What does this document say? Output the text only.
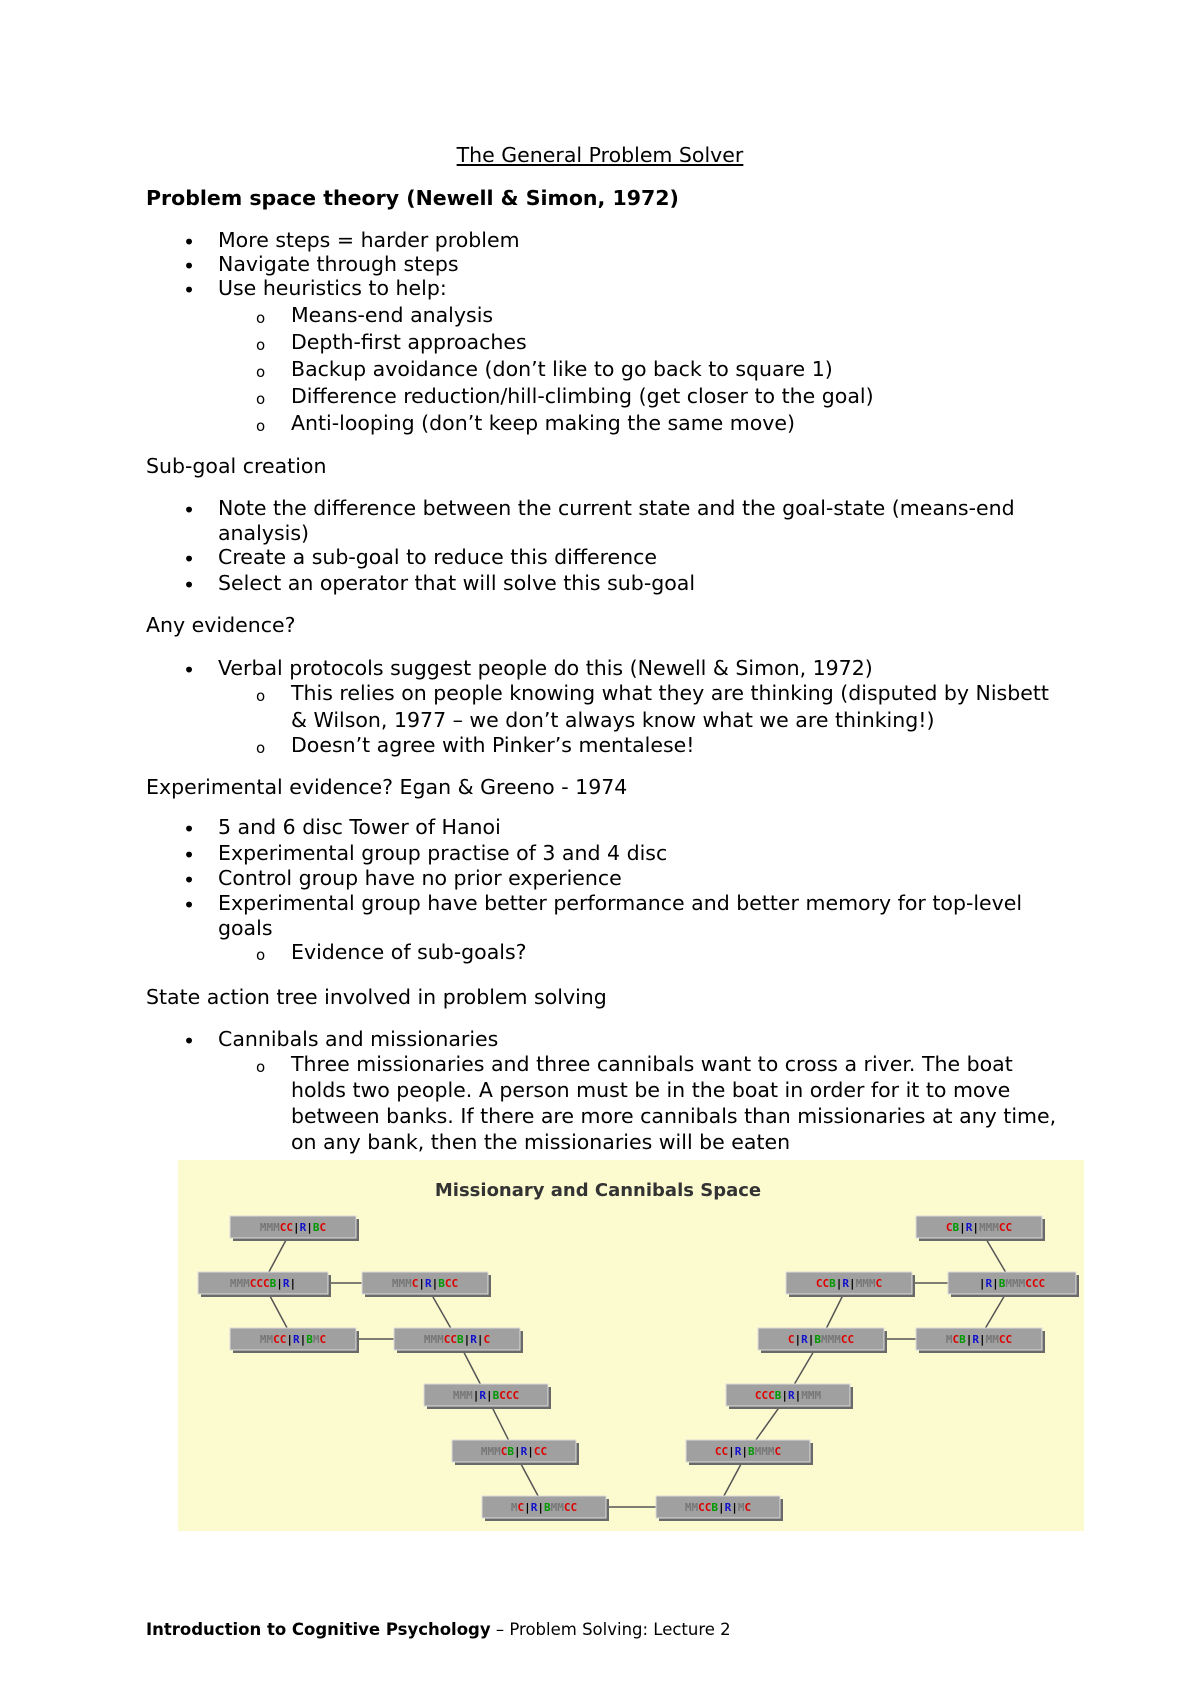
The General Problem Solver
Problem space theory (Newell & Simon, 1972)
• More steps = harder problem
• Navigate through steps
• Use heuristics to help:
o Means-end analysis
o Depth-first approaches
o Backup avoidance (don’t like to go back to square 1)
o Difference reduction/hill-climbing (get closer to the goal)
o Anti-looping (don’t keep making the same move)
Sub-goal creation
• Note the difference between the current state and the goal-state (means-end
analysis)
• Create a sub-goal to reduce this difference
• Select an operator that will solve this sub-goal
Any evidence?
• Verbal protocols suggest people do this (Newell & Simon, 1972)
o This relies on people knowing what they are thinking (disputed by Nisbett
& Wilson, 1977 – we don’t always know what we are thinking!)
o Doesn’t agree with Pinker’s mentalese!
Experimental evidence? Egan & Greeno - 1974
• 5 and 6 disc Tower of Hanoi
• Experimental group practise of 3 and 4 disc
• Control group have no prior experience
• Experimental group have better performance and better memory for top-level
goals
o Evidence of sub-goals?
State action tree involved in problem solving
• Cannibals and missionaries
o Three missionaries and three cannibals want to cross a river. The boat
holds two people. A person must be in the boat in order for it to move
between banks. If there are more cannibals than missionaries at any time,
on any bank, then the missionaries will be eaten
Missionary and Cannibals Space
MMMCC|R|BC
MMMCCCB|R|	MMMC|R|BCC
MMCC|R|BMC	MMMCCB|R|C
MMM|R|BCCC
MMMCB|R|CC
MC|R|BMMCC	MMCCB|R|MC
CC|R|BMMMC
CCCB|R|MMM
C|R|BMMMCC	MCB|R|MMCC
CCB|R|MMMC	|R|BMMMCCC
CB|R|MMMCC
Introduction to Cognitive Psychology – Problem Solving: Lecture 2
